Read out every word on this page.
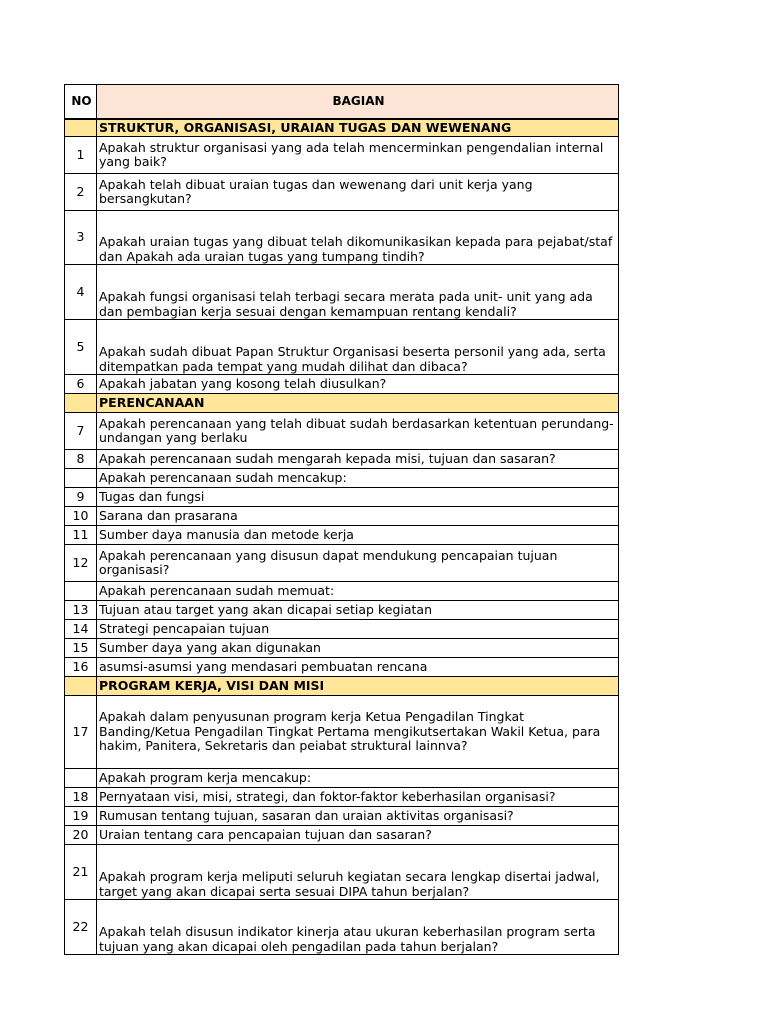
NO	BAGIAN
	STRUKTUR, ORGANISASI, URAIAN TUGAS DAN WEWENANG
1	Apakah struktur organisasi yang ada telah mencerminkan pengendalian internal yang baik?
2	Apakah telah dibuat uraian tugas dan wewenang dari unit kerja yang bersangkutan?
3	Apakah uraian tugas yang dibuat telah dikomunikasikan kepada para pejabat/staf dan Apakah ada uraian tugas yang tumpang tindih?
4	Apakah fungsi organisasi telah terbagi secara merata pada unit- unit yang ada dan pembagian kerja sesuai dengan kemampuan rentang kendali?
5	Apakah sudah dibuat Papan Struktur Organisasi beserta personil yang ada, serta ditempatkan pada tempat yang mudah dilihat dan dibaca?
6	Apakah jabatan yang kosong telah diusulkan?
	PERENCANAAN
7	Apakah perencanaan yang telah dibuat sudah berdasarkan ketentuan perundang-undangan yang berlaku
8	Apakah perencanaan sudah mengarah kepada misi, tujuan dan sasaran?
	Apakah perencanaan sudah mencakup:
9	Tugas dan fungsi
10	Sarana dan prasarana
11	Sumber daya manusia dan metode kerja
12	Apakah perencanaan yang disusun dapat mendukung pencapaian tujuan organisasi?
	Apakah perencanaan sudah memuat:
13	Tujuan atau target yang akan dicapai setiap kegiatan
14	Strategi pencapaian tujuan
15	Sumber daya yang akan digunakan
16	asumsi-asumsi yang mendasari pembuatan rencana
	PROGRAM KERJA, VISI DAN MISI
17	Apakah dalam penyusunan program kerja Ketua Pengadilan Tingkat Banding/Ketua Pengadilan Tingkat Pertama mengikutsertakan Wakil Ketua, para hakim, Panitera, Sekretaris dan peiabat struktural lainnva?
	Apakah program kerja mencakup:
18	Pernyataan visi, misi, strategi, dan foktor-faktor keberhasilan organisasi?
19	Rumusan tentang tujuan, sasaran dan uraian aktivitas organisasi?
20	Uraian tentang cara pencapaian tujuan dan sasaran?
21	Apakah program kerja meliputi seluruh kegiatan secara lengkap disertai jadwal, target yang akan dicapai serta sesuai DIPA tahun berjalan?
22	Apakah telah disusun indikator kinerja atau ukuran keberhasilan program serta tujuan yang akan dicapai oleh pengadilan pada tahun berjalan?
